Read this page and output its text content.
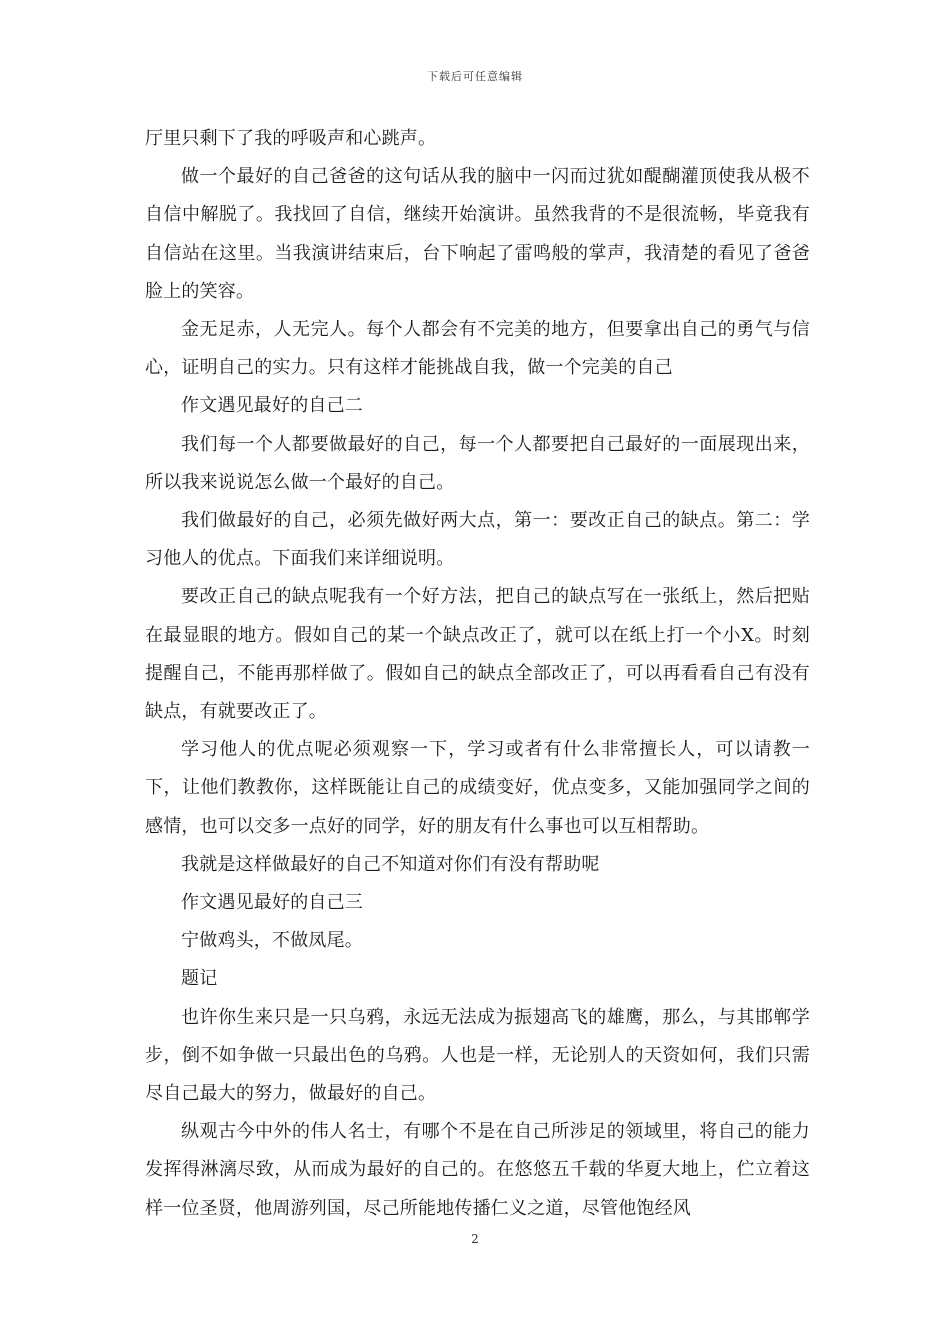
下载后可任意编辑

厅里只剩下了我的呼吸声和心跳声。

做一个最好的自己爸爸的这句话从我的脑中一闪而过犹如醍醐灌顶使我从极不自信中解脱了。我找回了自信，继续开始演讲。虽然我背的不是很流畅，毕竟我有自信站在这里。当我演讲结束后，台下响起了雷鸣般的掌声，我清楚的看见了爸爸脸上的笑容。

金无足赤，人无完人。每个人都会有不完美的地方，但要拿出自己的勇气与信心，证明自己的实力。只有这样才能挑战自我，做一个完美的自己

作文遇见最好的自己二

我们每一个人都要做最好的自己，每一个人都要把自己最好的一面展现出来，所以我来说说怎么做一个最好的自己。

我们做最好的自己，必须先做好两大点，第一：要改正自己的缺点。第二：学习他人的优点。下面我们来详细说明。

要改正自己的缺点呢我有一个好方法，把自己的缺点写在一张纸上，然后把贴在最显眼的地方。假如自己的某一个缺点改正了，就可以在纸上打一个小X。时刻提醒自己，不能再那样做了。假如自己的缺点全部改正了，可以再看看自己有没有缺点，有就要改正了。

学习他人的优点呢必须观察一下，学习或者有什么非常擅长人，可以请教一下，让他们教教你，这样既能让自己的成绩变好，优点变多，又能加强同学之间的感情，也可以交多一点好的同学，好的朋友有什么事也可以互相帮助。

我就是这样做最好的自己不知道对你们有没有帮助呢

作文遇见最好的自己三

宁做鸡头，不做凤尾。

题记

也许你生来只是一只乌鸦，永远无法成为振翅高飞的雄鹰，那么，与其邯郸学步，倒不如争做一只最出色的乌鸦。人也是一样，无论别人的天资如何，我们只需尽自己最大的努力，做最好的自己。

纵观古今中外的伟人名士，有哪个不是在自己所涉足的领域里，将自己的能力发挥得淋漓尽致，从而成为最好的自己的。在悠悠五千载的华夏大地上，伫立着这样一位圣贤，他周游列国，尽己所能地传播仁义之道，尽管他饱经风

2
